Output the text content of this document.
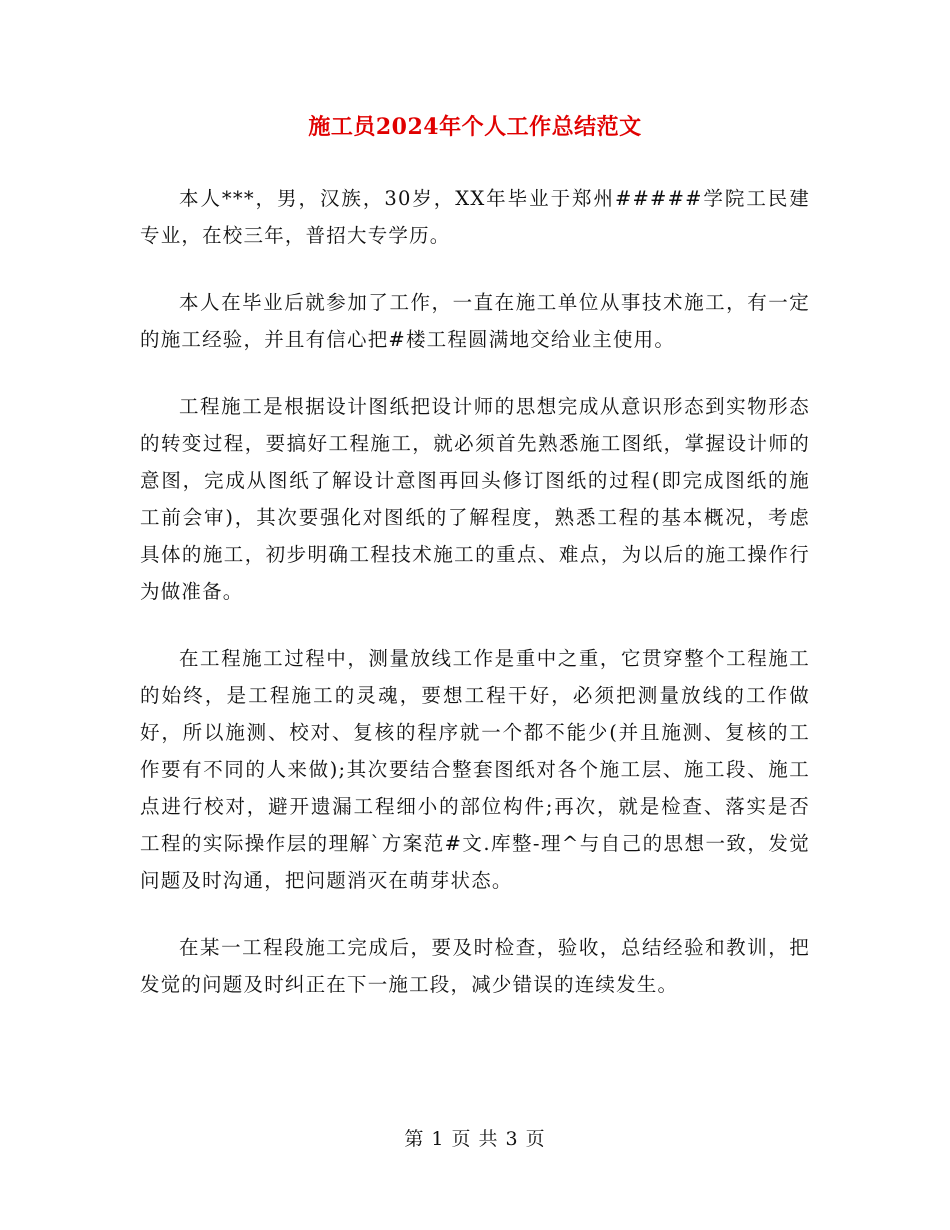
施工员2024年个人工作总结范文

本人***，男，汉族，30岁，XX年毕业于郑州#####学院工民建专业，在校三年，普招大专学历。

本人在毕业后就参加了工作，一直在施工单位从事技术施工，有一定的施工经验，并且有信心把#楼工程圆满地交给业主使用。

工程施工是根据设计图纸把设计师的思想完成从意识形态到实物形态的转变过程，要搞好工程施工，就必须首先熟悉施工图纸，掌握设计师的意图，完成从图纸了解设计意图再回头修订图纸的过程(即完成图纸的施工前会审)，其次要强化对图纸的了解程度，熟悉工程的基本概况，考虑具体的施工，初步明确工程技术施工的重点、难点，为以后的施工操作行为做准备。

在工程施工过程中，测量放线工作是重中之重，它贯穿整个工程施工的始终，是工程施工的灵魂，要想工程干好，必须把测量放线的工作做好，所以施测、校对、复核的程序就一个都不能少(并且施测、复核的工作要有不同的人来做);其次要结合整套图纸对各个施工层、施工段、施工点进行校对，避开遗漏工程细小的部位构件;再次，就是检查、落实是否工程的实际操作层的理解`方案范#文.库整-理^与自己的思想一致，发觉问题及时沟通，把问题消灭在萌芽状态。

在某一工程段施工完成后，要及时检查，验收，总结经验和教训，把发觉的问题及时纠正在下一施工段，减少错误的连续发生。

第 1 页 共 3 页
